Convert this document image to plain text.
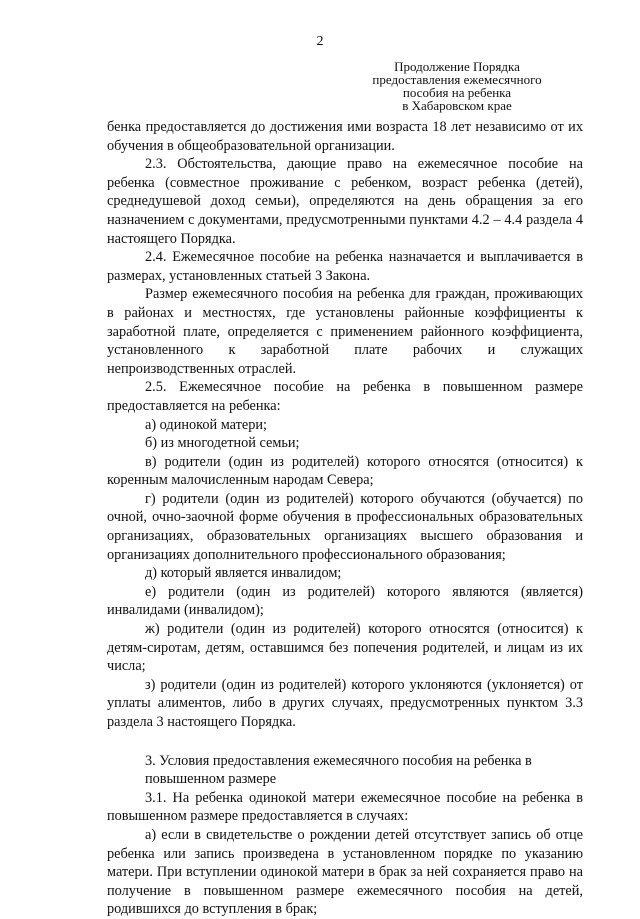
2
Продолжение Порядка
предоставления ежемесячного
пособия на ребенка
в Хабаровском крае

бенка предоставляется до достижения ими возраста 18 лет независимо от их обучения в общеобразовательной организации.

2.3. Обстоятельства, дающие право на ежемесячное пособие на ребенка (совместное проживание с ребенком, возраст ребенка (детей), среднедушевой доход семьи), определяются на день обращения за его назначением с документами, предусмотренными пунктами 4.2 – 4.4 раздела 4 настоящего Порядка.

2.4. Ежемесячное пособие на ребенка назначается и выплачивается в размерах, установленных статьей 3 Закона.

Размер ежемесячного пособия на ребенка для граждан, проживающих в районах и местностях, где установлены районные коэффициенты к заработной плате, определяется с применением районного коэффициента, установленного к заработной плате рабочих и служащих непроизводственных отраслей.

2.5. Ежемесячное пособие на ребенка в повышенном размере предоставляется на ребенка:

а) одинокой матери;

б) из многодетной семьи;

в) родители (один из родителей) которого относятся (относится) к коренным малочисленным народам Севера;

г) родители (один из родителей) которого обучаются (обучается) по очной, очно-заочной форме обучения в профессиональных образовательных организациях, образовательных организациях высшего образования и организациях дополнительного профессионального образования;

д) который является инвалидом;

е) родители (один из родителей) которого являются (является) инвалидами (инвалидом);

ж) родители (один из родителей) которого относятся (относится) к детям-сиротам, детям, оставшимся без попечения родителей, и лицам из их числа;

з) родители (один из родителей) которого уклоняются (уклоняется) от уплаты алиментов, либо в других случаях, предусмотренных пунктом 3.3 раздела 3 настоящего Порядка.

3. Условия предоставления ежемесячного пособия на ребенка в повышенном размере

3.1. На ребенка одинокой матери ежемесячное пособие на ребенка в повышенном размере предоставляется в случаях:

а) если в свидетельстве о рождении детей отсутствует запись об отце ребенка или запись произведена в установленном порядке по указанию матери. При вступлении одинокой матери в брак за ней сохраняется право на получение в повышенном размере ежемесячного пособия на детей, родившихся до вступления в брак;
